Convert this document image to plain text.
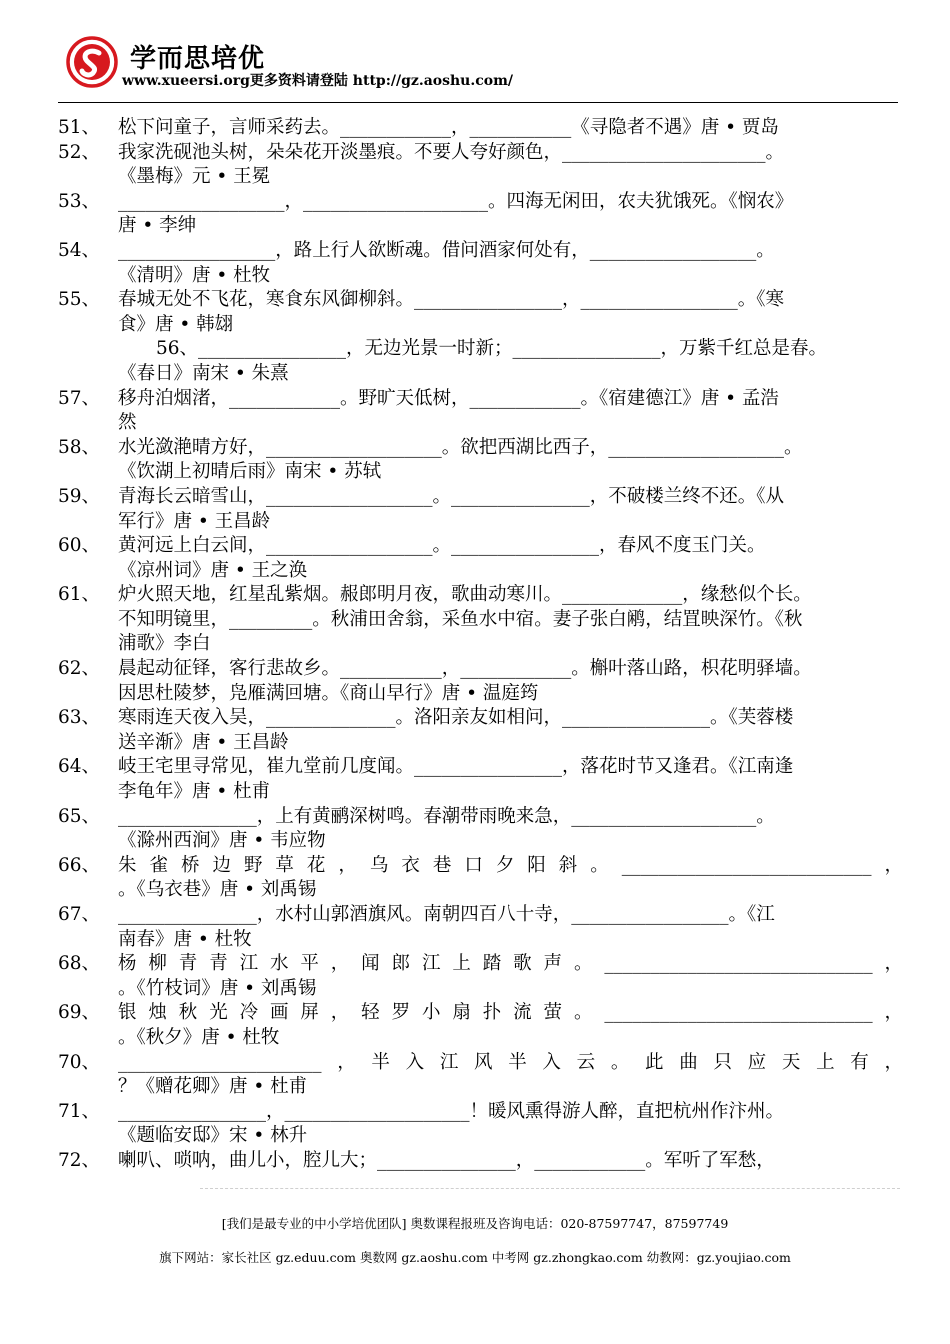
学而思培优
www.xueersi.org更多资料请登陆 http://gz.aoshu.com/
51、 松下问童子，言师采药去。____________，___________《寻隐者不遇》唐 • 贾岛
52、 我家洗砚池头树，朵朵花开淡墨痕。不要人夸好颜色，______________________。
《墨梅》元 • 王冕
53、 __________________，____________________。四海无闲田，农夫犹饿死。《悯农》
唐 • 李绅
54、 _________________，路上行人欲断魂。借问酒家何处有，__________________。
《清明》唐 • 杜牧
55、 春城无处不飞花，寒食东风御柳斜。________________，_________________。《寒
食》唐 • 韩翃
56、________________，无边光景一时新；________________，万紫千红总是春。
《春日》南宋 • 朱熹
57、 移舟泊烟渚，____________。野旷天低树，____________。《宿建德江》唐 • 孟浩
然
58、 水光潋滟晴方好，___________________。欲把西湖比西子，___________________。
《饮湖上初晴后雨》南宋 • 苏轼
59、 青海长云暗雪山，__________________。_______________，不破楼兰终不还。《从
军行》唐 • 王昌龄
60、 黄河远上白云间，__________________。________________，春风不度玉门关。
《凉州词》唐 • 王之涣
61、 炉火照天地，红星乱紫烟。赧郎明月夜，歌曲动寒川。_____________，缘愁似个长。
不知明镜里，_________。秋浦田舍翁，采鱼水中宿。妻子张白鹇，结罝映深竹。《秋
浦歌》李白
62、 晨起动征铎，客行悲故乡。___________，____________。槲叶落山路，枳花明驿墙。
因思杜陵梦，凫雁满回塘。《商山早行》唐 • 温庭筠
63、 寒雨连天夜入吴，______________。洛阳亲友如相问，________________。《芙蓉楼
送辛渐》唐 • 王昌龄
64、 岐王宅里寻常见，崔九堂前几度闻。________________，落花时节又逢君。《江南逢
李龟年》唐 • 杜甫
65、 _______________，上有黄鹂深树鸣。春潮带雨晚来急，____________________。
《滁州西涧》唐 • 韦应物
66、 朱雀桥边野草花，乌衣巷口夕阳斜。___________________________，
。《乌衣巷》唐 • 刘禹锡
67、 _______________，水村山郭酒旗风。南朝四百八十寺，_________________。《江
南春》唐 • 杜牧
68、 杨柳青青江水平，闻郎江上踏歌声。_____________________________，
。《竹枝词》唐 • 刘禹锡
69、 银烛秋光冷画屏，轻罗小扇扑流萤。_____________________________，
。《秋夕》唐 • 杜牧
70、 ______________________，半入江风半入云。此曲只应天上有，
？《赠花卿》唐 • 杜甫
71、 ________________，____________________！暖风熏得游人醉，直把杭州作汴州。
《题临安邸》宋 • 林升
72、 喇叭、唢呐，曲儿小，腔儿大；_______________，____________。军听了军愁，
[我们是最专业的中小学培优团队] 奥数课程报班及咨询电话：020-87597747，87597749
旗下网站：家长社区 gz.eduu.com 奥数网 gz.aoshu.com 中考网 gz.zhongkao.com 幼教网：gz.youjiao.com
